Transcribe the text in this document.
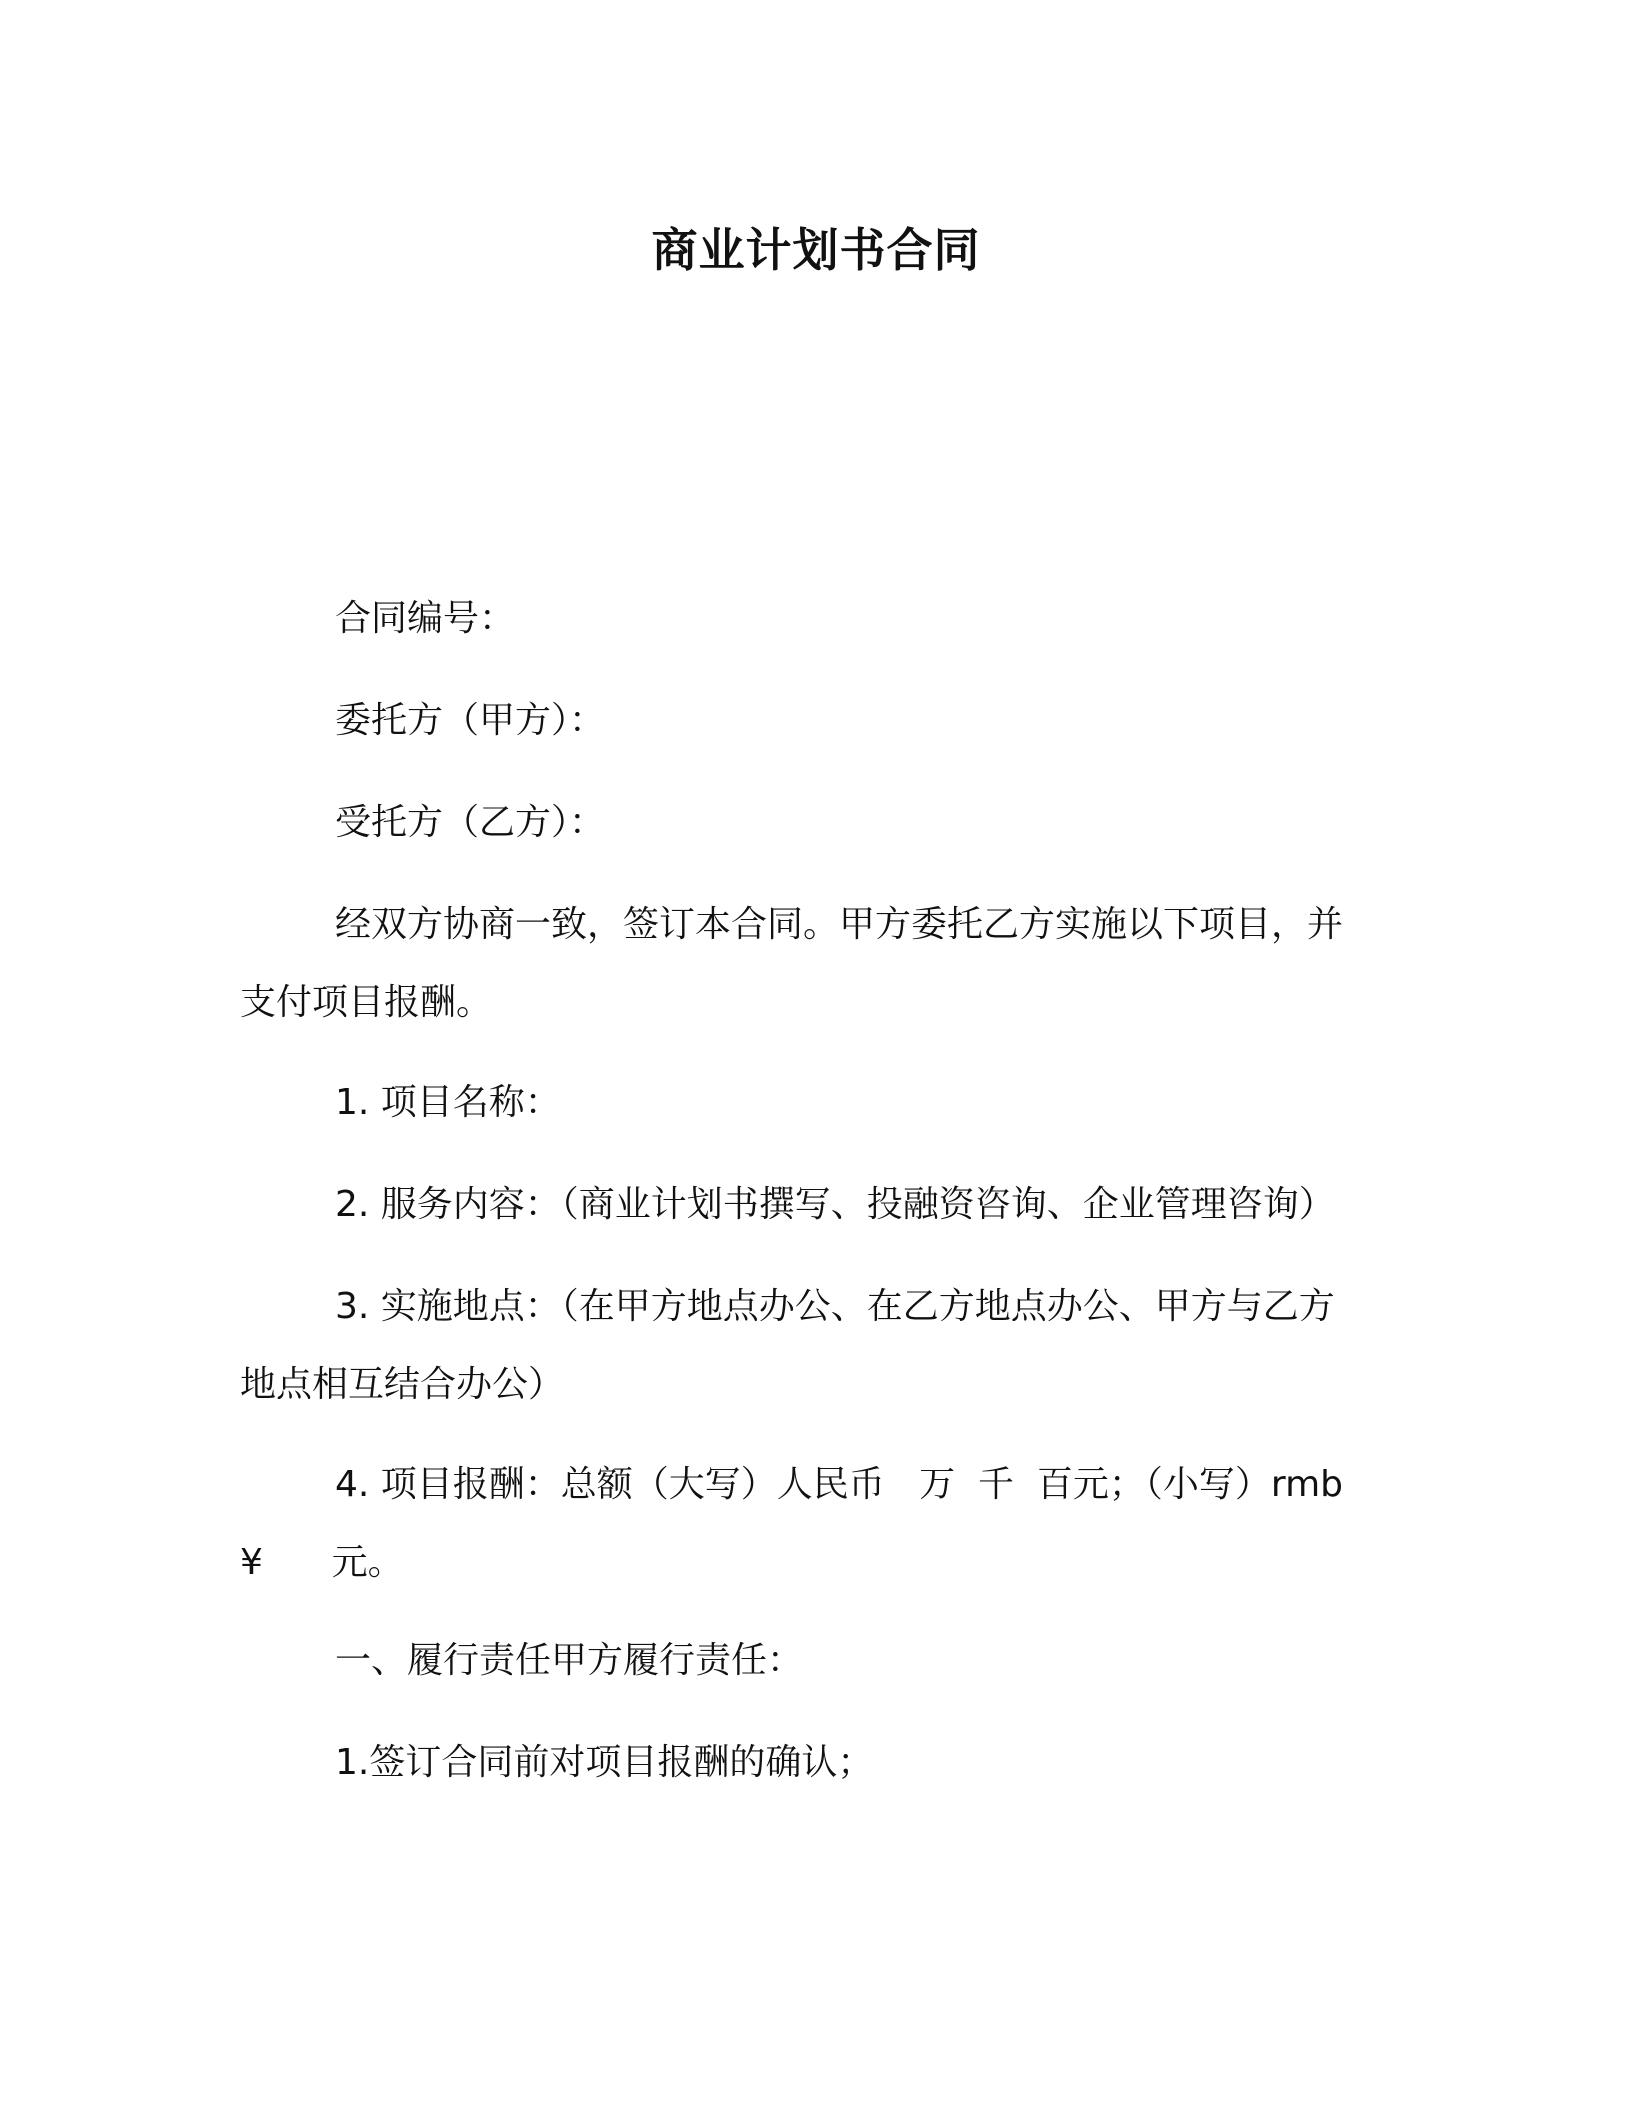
商业计划书合同
合同编号：
委托方（甲方）：
受托方（乙方）：
经双方协商一致，签订本合同。甲方委托乙方实施以下项目，并
支付项目报酬。
1. 项目名称：
2. 服务内容：（商业计划书撰写、投融资咨询、企业管理咨询）
3. 实施地点：（在甲方地点办公、在乙方地点办公、甲方与乙方
地点相互结合办公）
4. 项目报酬：总额（大写）人民币   万  千  百元；（小写）rmb
¥      元。
一、履行责任甲方履行责任：
1.签订合同前对项目报酬的确认；
